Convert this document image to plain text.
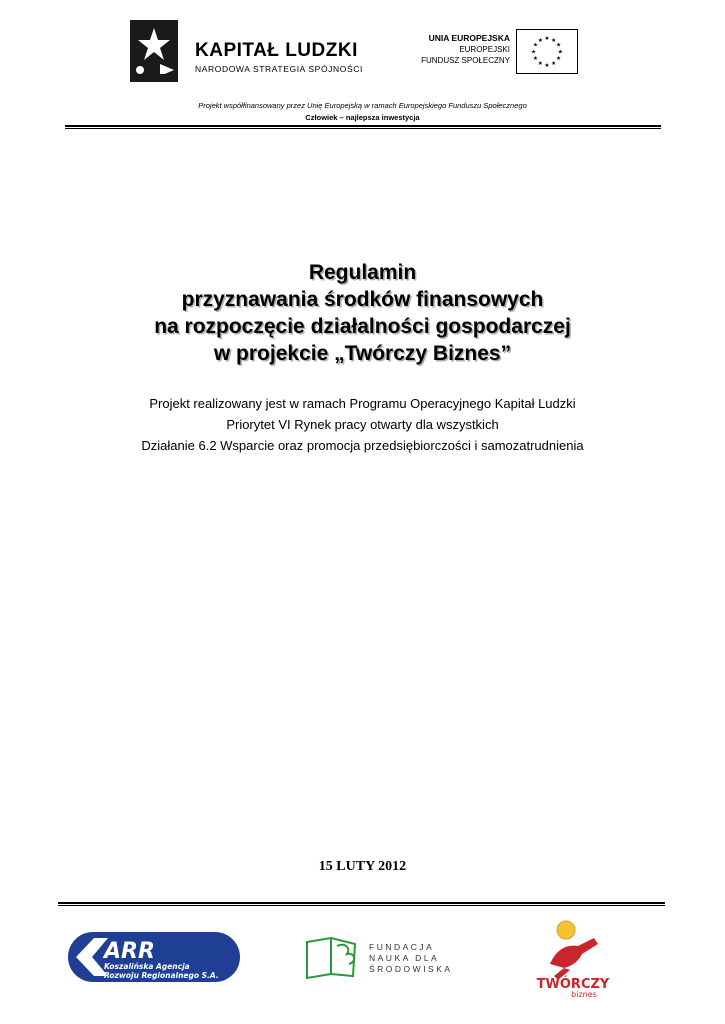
KAPITAŁ LUDZKI
NARODOWA STRATEGIA SPÓJNOŚCI
UNIA EUROPEJSKA
EUROPEJSKI
FUNDUSZ SPOŁECZNY
★
★
★
★
★
★
★
★
★ ★ ★
★
Projekt współfinansowany przez Unię Europejską w ramach Europejskiego Funduszu Społecznego
Człowiek – najlepsza inwestycja
Regulamin
przyznawania środków finansowych
na rozpoczęcie działalności gospodarczej
w projekcie „Twórczy Biznes”
Projekt realizowany jest w ramach Programu Operacyjnego Kapitał Ludzki
Priorytet VI Rynek pracy otwarty dla wszystkich
Działanie 6.2 Wsparcie oraz promocja przedsiębiorczości i samozatrudnienia
15 LUTY 2012
ARR
Koszalińska Agencja
Rozwoju Regionalnego S.A.
FUNDACJA
NAUKA DLA
ŚRODOWISKA
TWÓRCZY
biznes
